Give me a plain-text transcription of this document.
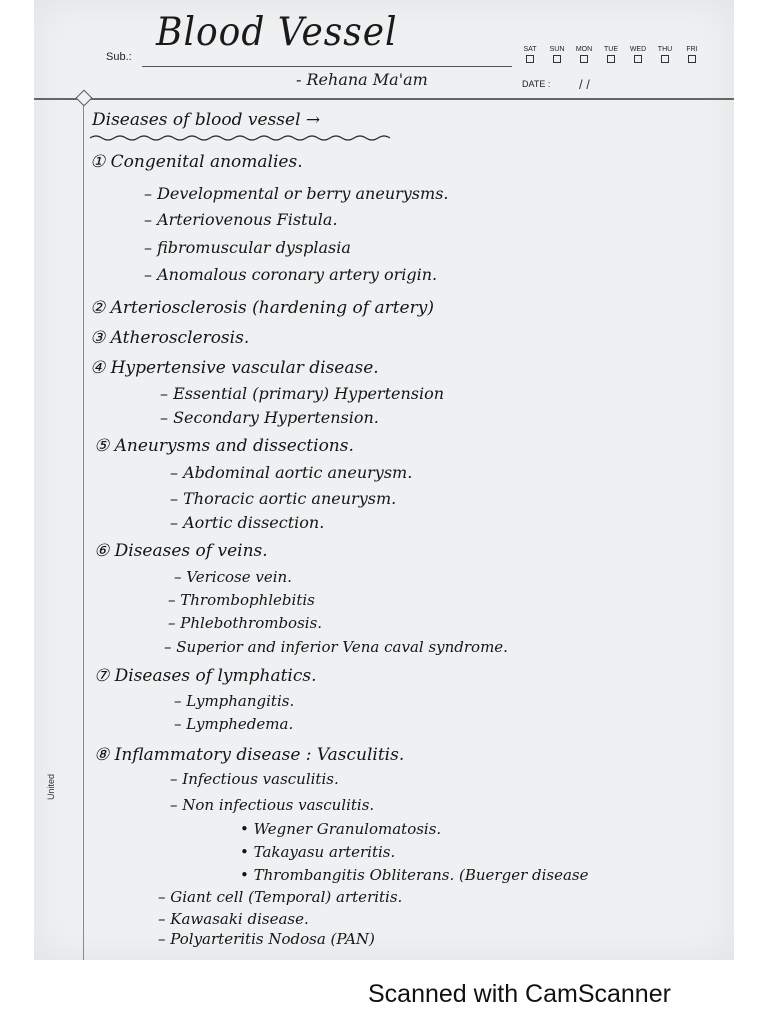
Sub.:
Blood Vessel
- Rehana Ma'am
SAT	SUN	MON	TUE	WED	THU	FRI
DATE : / /
United
Diseases of blood vessel →
① Congenital anomalies.
– Developmental or berry aneurysms.
– Arteriovenous Fistula.
– fibromuscular dysplasia
– Anomalous coronary artery origin.
② Arteriosclerosis (hardening of artery)
③ Atherosclerosis.
④ Hypertensive vascular disease.
– Essential (primary) Hypertension
– Secondary Hypertension.
⑤ Aneurysms and dissections.
– Abdominal aortic aneurysm.
– Thoracic aortic aneurysm.
– Aortic dissection.
⑥ Diseases of veins.
– Vericose vein.
– Thrombophlebitis
– Phlebothrombosis.
– Superior and inferior Vena caval syndrome.
⑦ Diseases of lymphatics.
– Lymphangitis.
– Lymphedema.
⑧ Inflammatory disease : Vasculitis.
– Infectious vasculitis.
– Non infectious vasculitis.
• Wegner Granulomatosis.
• Takayasu arteritis.
• Thrombangitis Obliterans. (Buerger disease
– Giant cell (Temporal) arteritis.
– Kawasaki disease.
– Polyarteritis Nodosa (PAN)
Scanned with CamScanner
